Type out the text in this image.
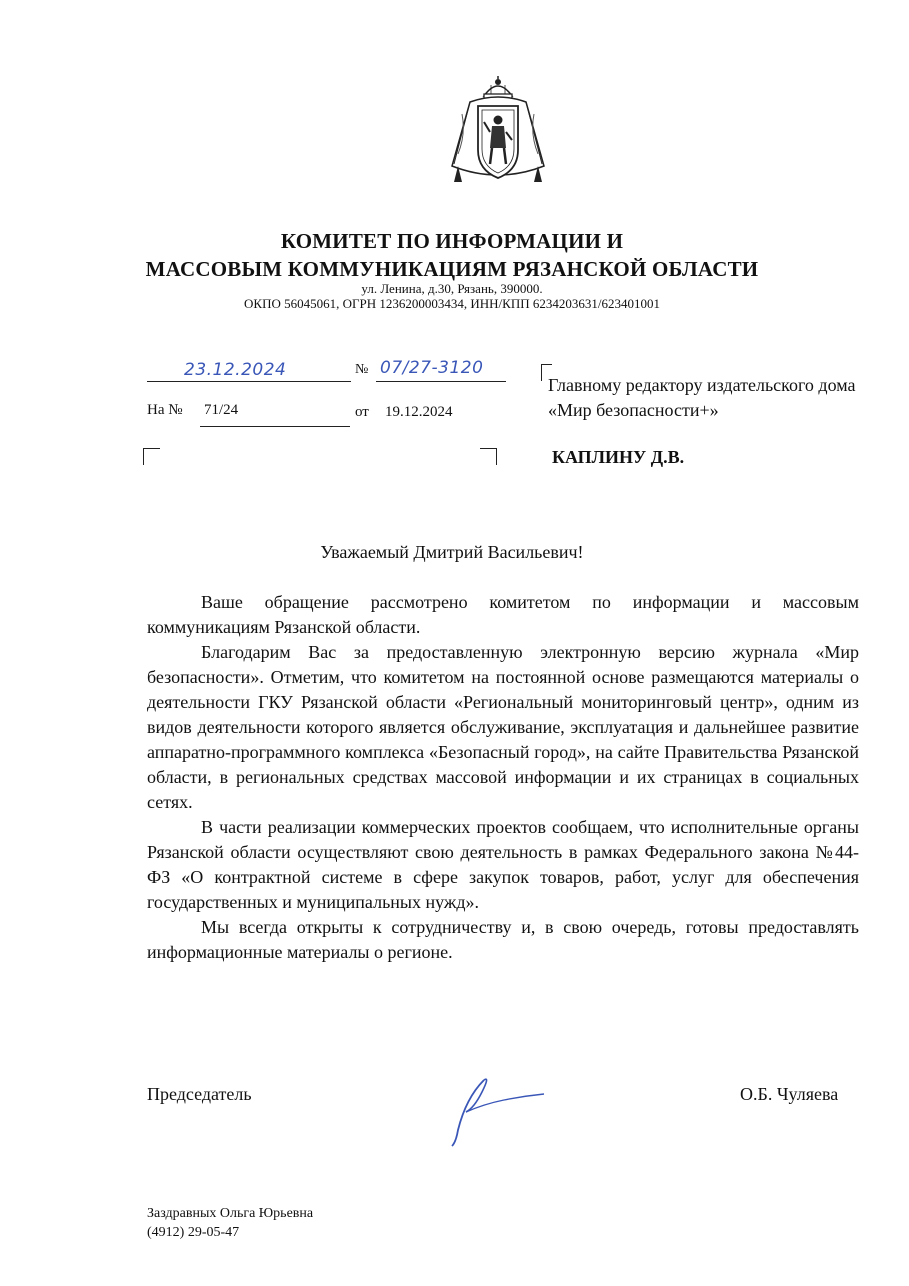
КОМИТЕТ ПО ИНФОРМАЦИИ И
МАССОВЫМ КОММУНИКАЦИЯМ РЯЗАНСКОЙ ОБЛАСТИ
ул. Ленина, д.30, Рязань, 390000.
ОКПО 56045061, ОГРН 1236200003434, ИНН/КПП 6234203631/623401001
23.12.2024	№ 07/27-3120
На № 71/24	от 19.12.2024
Главному редактору издательского дома «Мир безопасности+»
КАПЛИНУ Д.В.
Уважаемый Дмитрий Васильевич!

Ваше обращение рассмотрено комитетом по информации и массовым коммуникациям Рязанской области.

Благодарим Вас за предоставленную электронную версию журнала «Мир безопасности». Отметим, что комитетом на постоянной основе размещаются материалы о деятельности ГКУ Рязанской области «Региональный мониторинговый центр», одним из видов деятельности которого является обслуживание, эксплуатация и дальнейшее развитие аппаратно-программного комплекса «Безопасный город», на сайте Правительства Рязанской области, в региональных средствах массовой информации и их страницах в социальных сетях.

В части реализации коммерческих проектов сообщаем, что исполнительные органы Рязанской области осуществляют свою деятельность в рамках Федерального закона №44-ФЗ «О контрактной системе в сфере закупок товаров, работ, услуг для обеспечения государственных и муниципальных нужд».

Мы всегда открыты к сотрудничеству и, в свою очередь, готовы предоставлять информационные материалы о регионе.

Председатель	О.Б. Чуляева
Заздравных Ольга Юрьевна
(4912) 29-05-47
